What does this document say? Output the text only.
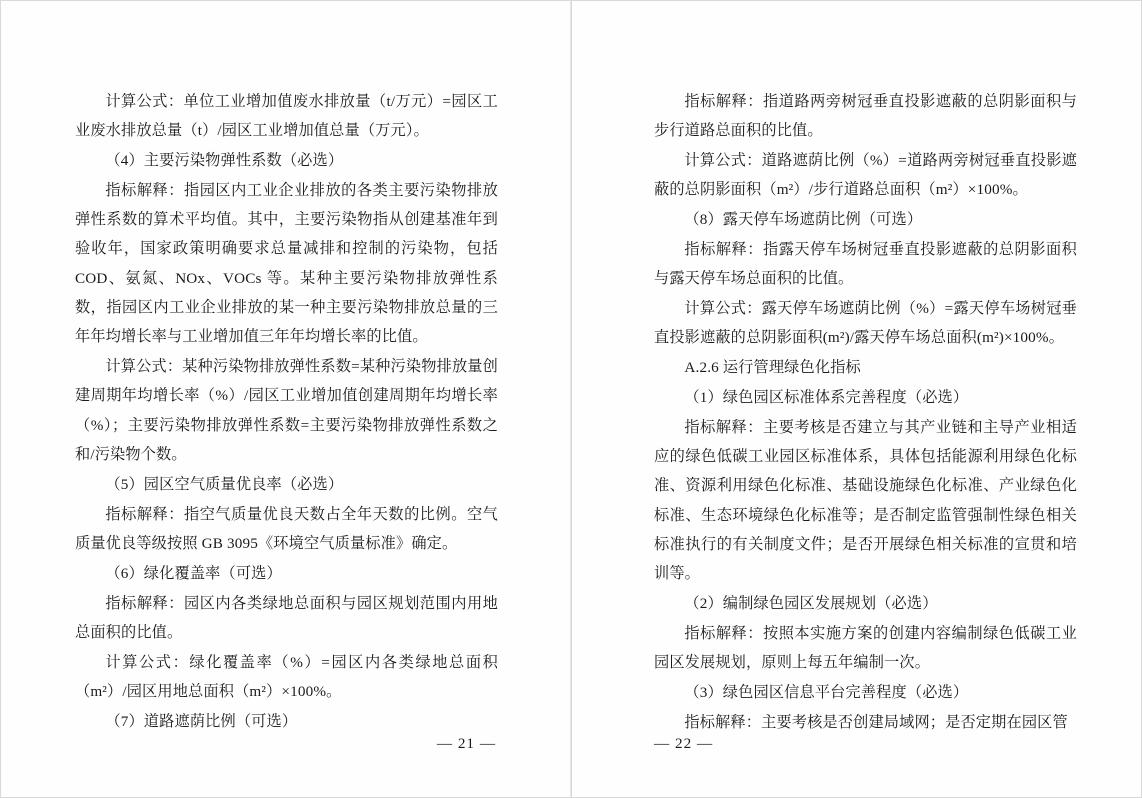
计算公式：单位工业增加值废水排放量（t/万元）=园区工业废水排放总量（t）/园区工业增加值总量（万元）。

（4）主要污染物弹性系数（必选）

指标解释：指园区内工业企业排放的各类主要污染物排放弹性系数的算术平均值。其中，主要污染物指从创建基准年到验收年，国家政策明确要求总量减排和控制的污染物，包括 COD、氨氮、NOx、VOCs 等。某种主要污染物排放弹性系数，指园区内工业企业排放的某一种主要污染物排放总量的三年年均增长率与工业增加值三年年均增长率的比值。

计算公式：某种污染物排放弹性系数=某种污染物排放量创建周期年均增长率（%）/园区工业增加值创建周期年均增长率（%）；主要污染物排放弹性系数=主要污染物排放弹性系数之和/污染物个数。

（5）园区空气质量优良率（必选）

指标解释：指空气质量优良天数占全年天数的比例。空气质量优良等级按照 GB 3095《环境空气质量标准》确定。

（6）绿化覆盖率（可选）

指标解释：园区内各类绿地总面积与园区规划范围内用地总面积的比值。

计算公式：绿化覆盖率（%）=园区内各类绿地总面积（m²）/园区用地总面积（m²）×100%。

（7）道路遮荫比例（可选）

— 21 —

指标解释：指道路两旁树冠垂直投影遮蔽的总阴影面积与步行道路总面积的比值。

计算公式：道路遮荫比例（%）=道路两旁树冠垂直投影遮蔽的总阴影面积（m²）/步行道路总面积（m²）×100%。

（8）露天停车场遮荫比例（可选）

指标解释：指露天停车场树冠垂直投影遮蔽的总阴影面积与露天停车场总面积的比值。

计算公式：露天停车场遮荫比例（%）=露天停车场树冠垂直投影遮蔽的总阴影面积(m²)/露天停车场总面积(m²)×100%。

A.2.6 运行管理绿色化指标

（1）绿色园区标准体系完善程度（必选）

指标解释：主要考核是否建立与其产业链和主导产业相适应的绿色低碳工业园区标准体系，具体包括能源利用绿色化标准、资源利用绿色化标准、基础设施绿色化标准、产业绿色化标准、生态环境绿色化标准等；是否制定监管强制性绿色相关标准执行的有关制度文件；是否开展绿色相关标准的宣贯和培训等。

（2）编制绿色园区发展规划（必选）

指标解释：按照本实施方案的创建内容编制绿色低碳工业园区发展规划，原则上每五年编制一次。

（3）绿色园区信息平台完善程度（必选）

指标解释：主要考核是否创建局域网；是否定期在园区管

— 22 —
